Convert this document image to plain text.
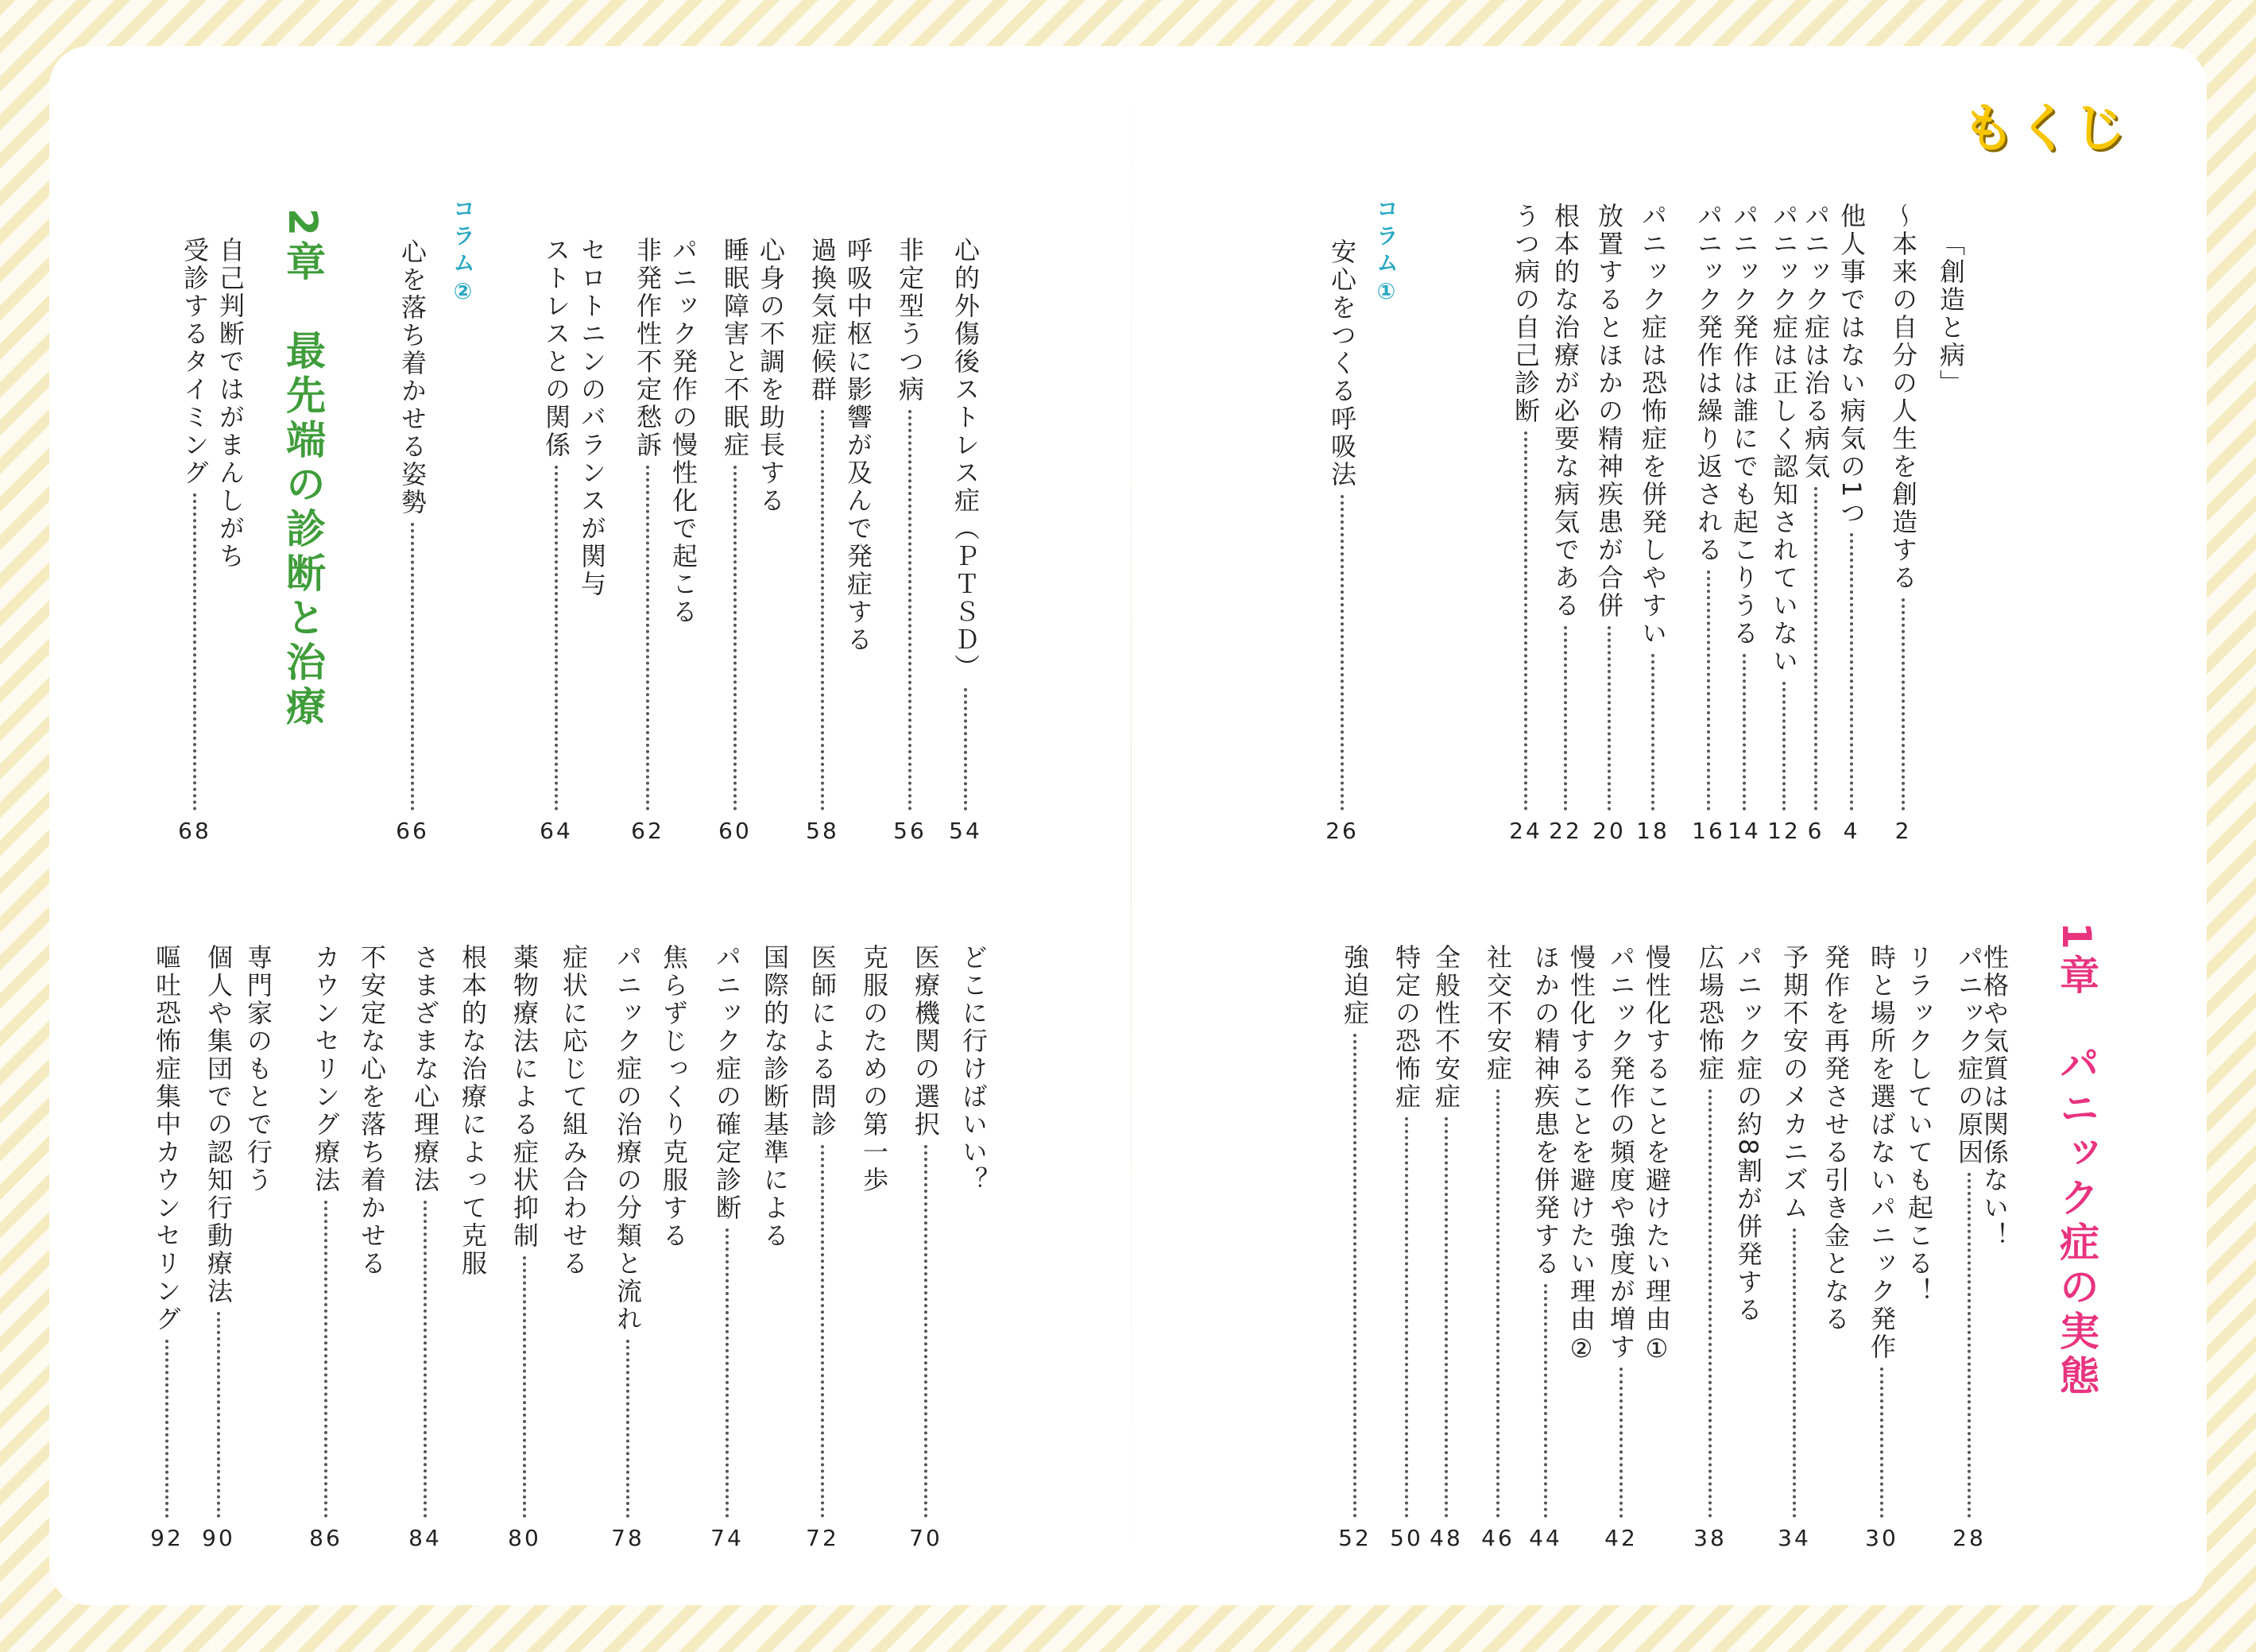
もくじ
「創造と病」
～本来の自分の人生を創造する
2
他人事ではない病気の1つ
4
パニック症は治る病気
6
パニック症は正しく認知されていない
12
パニック発作は誰にでも起こりうる
14
パニック発作は繰り返される
16
パニック症は恐怖症を併発しやすい
18
放置するとほかの精神疾患が合併
20
根本的な治療が必要な病気である
22
うつ病の自己診断
24
コラム①
安心をつくる呼吸法
26
1章　パニック症の実態
性格や気質は関係ない！
パニック症の原因
28
リラックしていても起こる！
時と場所を選ばないパニック発作
30
発作を再発させる引き金となる
予期不安のメカニズム
34
パニック症の約8割が併発する
広場恐怖症
38
慢性化することを避けたい理由①
パニック発作の頻度や強度が増す
42
慢性化することを避けたい理由②
ほかの精神疾患を併発する
44
社交不安症
46
全般性不安症
48
特定の恐怖症
50
強迫症
52
心的外傷後ストレス症（ＰＴＳＤ）
54
非定型うつ病
56
呼吸中枢に影響が及んで発症する
過換気症候群
58
心身の不調を助長する
睡眠障害と不眠症
60
パニック発作の慢性化で起こる
非発作性不定愁訴
62
セロトニンのバランスが関与
ストレスとの関係
64
コラム②
心を落ち着かせる姿勢
66
2章　最先端の診断と治療
自己判断ではがまんしがち
受診するタイミング
68
どこに行けばいい？
医療機関の選択
70
克服のための第一歩
医師による問診
72
国際的な診断基準による
パニック症の確定診断
74
焦らずじっくり克服する
パニック症の治療の分類と流れ
78
症状に応じて組み合わせる
薬物療法による症状抑制
80
根本的な治療によって克服
さまざまな心理療法
84
不安定な心を落ち着かせる
カウンセリング療法
86
専門家のもとで行う
個人や集団での認知行動療法
90
嘔吐恐怖症集中カウンセリング
92
